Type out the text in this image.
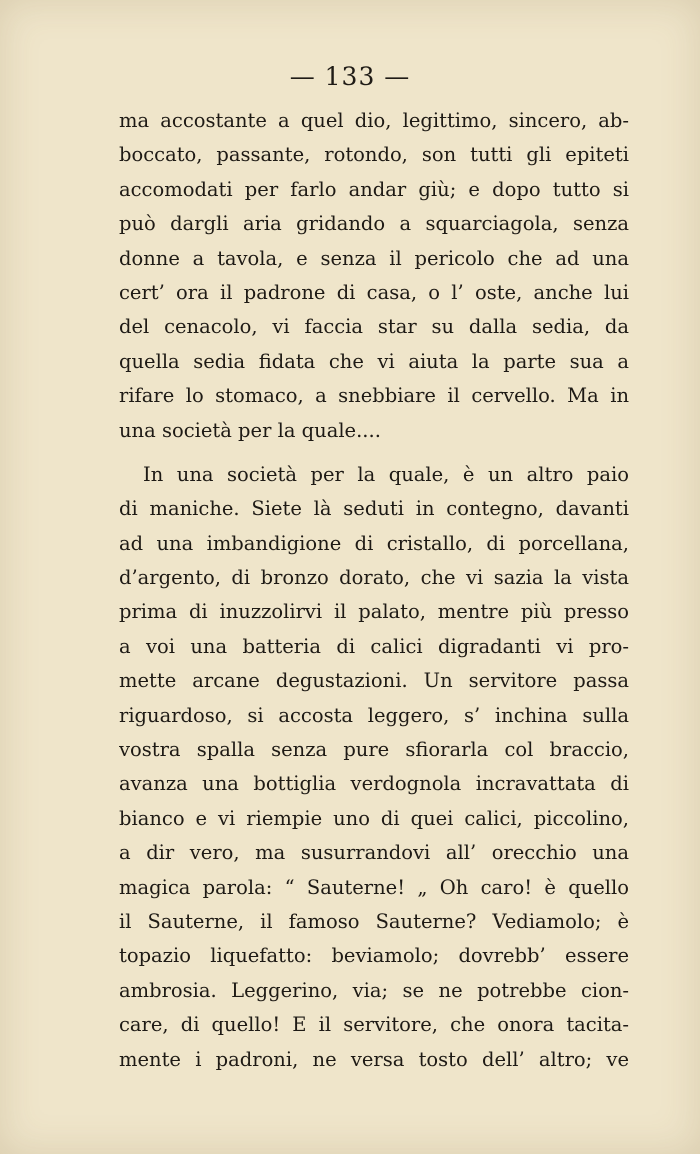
— 133 —
ma accostante a quel dio, legittimo, sincero, ab-
boccato, passante, rotondo, son tutti gli epiteti
accomodati per farlo andar giù; e dopo tutto si
può dargli aria gridando a squarciagola, senza
donne a tavola, e senza il pericolo che ad una
cert’ ora il padrone di casa, o l’ oste, anche lui
del cenacolo, vi faccia star su dalla sedia, da
quella sedia fidata che vi aiuta la parte sua a
rifare lo stomaco, a snebbiare il cervello. Ma in
una società per la quale....
In una società per la quale, è un altro paio
di maniche. Siete là seduti in contegno, davanti
ad una imbandigione di cristallo, di porcellana,
d’argento, di bronzo dorato, che vi sazia la vista
prima di inuzzolirvi il palato, mentre più presso
a voi una batteria di calici digradanti vi pro-
mette arcane degustazioni. Un servitore passa
riguardoso, si accosta leggero, s’ inchina sulla
vostra spalla senza pure sfiorarla col braccio,
avanza una bottiglia verdognola incravattata di
bianco e vi riempie uno di quei calici, piccolino,
a dir vero, ma susurrandovi all’ orecchio una
magica parola: “ Sauterne! „ Oh caro! è quello
il Sauterne, il famoso Sauterne? Vediamolo; è
topazio liquefatto: beviamolo; dovrebb’ essere
ambrosia. Leggerino, via; se ne potrebbe cion-
care, di quello! E il servitore, che onora tacita-
mente i padroni, ne versa tosto dell’ altro; ve
